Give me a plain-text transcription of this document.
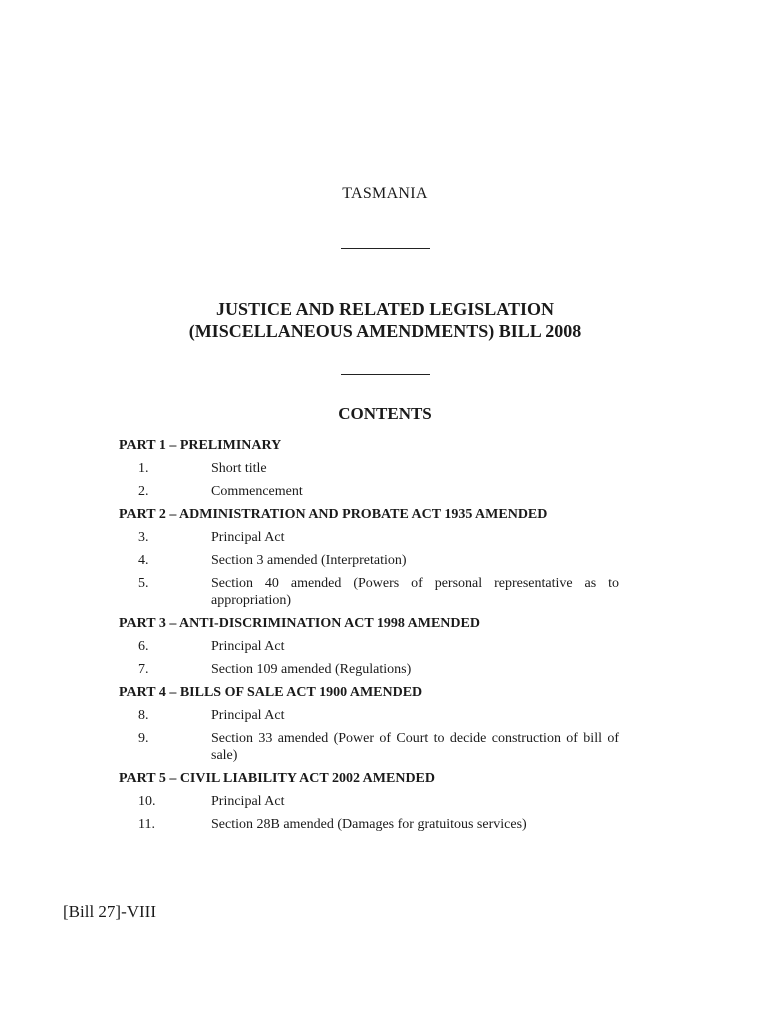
TASMANIA
JUSTICE AND RELATED LEGISLATION
(MISCELLANEOUS AMENDMENTS) BILL 2008
CONTENTS
PART 1 – PRELIMINARY
1.	Short title
2.	Commencement
PART 2 – ADMINISTRATION AND PROBATE ACT 1935 AMENDED
3.	Principal Act
4.	Section 3 amended (Interpretation)
5.	Section 40 amended (Powers of personal representative as to appropriation)
PART 3 – ANTI-DISCRIMINATION ACT 1998 AMENDED
6.	Principal Act
7.	Section 109 amended (Regulations)
PART 4 – BILLS OF SALE ACT 1900 AMENDED
8.	Principal Act
9.	Section 33 amended (Power of Court to decide construction of bill of sale)
PART 5 – CIVIL LIABILITY ACT 2002 AMENDED
10.	Principal Act
11.	Section 28B amended (Damages for gratuitous services)
[Bill 27]-VIII
